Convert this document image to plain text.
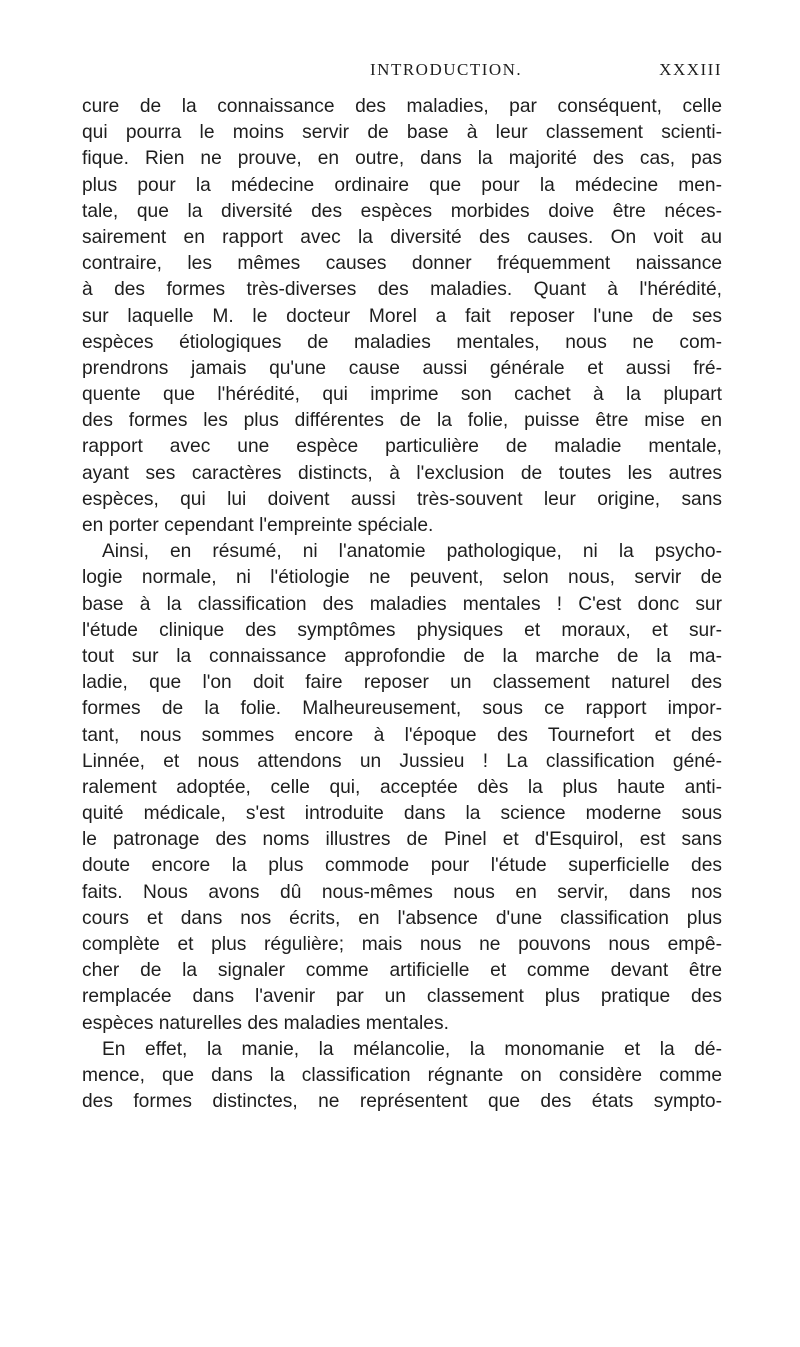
INTRODUCTION.	XXXIII
cure de la connaissance des maladies, par conséquent, celle
qui pourra le moins servir de base à leur classement scienti-
fique. Rien ne prouve, en outre, dans la majorité des cas, pas
plus pour la médecine ordinaire que pour la médecine men-
tale, que la diversité des espèces morbides doive être néces-
sairement en rapport avec la diversité des causes. On voit au
contraire, les mêmes causes donner fréquemment naissance
à des formes très-diverses des maladies. Quant à l'hérédité,
sur laquelle M. le docteur Morel a fait reposer l'une de ses
espèces étiologiques de maladies mentales, nous ne com-
prendrons jamais qu'une cause aussi générale et aussi fré-
quente que l'hérédité, qui imprime son cachet à la plupart
des formes les plus différentes de la folie, puisse être mise en
rapport avec une espèce particulière de maladie mentale,
ayant ses caractères distincts, à l'exclusion de toutes les autres
espèces, qui lui doivent aussi très-souvent leur origine, sans
en porter cependant l'empreinte spéciale.
Ainsi, en résumé, ni l'anatomie pathologique, ni la psycho-
logie normale, ni l'étiologie ne peuvent, selon nous, servir de
base à la classification des maladies mentales ! C'est donc sur
l'étude clinique des symptômes physiques et moraux, et sur-
tout sur la connaissance approfondie de la marche de la ma-
ladie, que l'on doit faire reposer un classement naturel des
formes de la folie. Malheureusement, sous ce rapport impor-
tant, nous sommes encore à l'époque des Tournefort et des
Linnée, et nous attendons un Jussieu ! La classification géné-
ralement adoptée, celle qui, acceptée dès la plus haute anti-
quité médicale, s'est introduite dans la science moderne sous
le patronage des noms illustres de Pinel et d'Esquirol, est sans
doute encore la plus commode pour l'étude superficielle des
faits. Nous avons dû nous-mêmes nous en servir, dans nos
cours et dans nos écrits, en l'absence d'une classification plus
complète et plus régulière; mais nous ne pouvons nous empê-
cher de la signaler comme artificielle et comme devant être
remplacée dans l'avenir par un classement plus pratique des
espèces naturelles des maladies mentales.
En effet, la manie, la mélancolie, la monomanie et la dé-
mence, que dans la classification régnante on considère comme
des formes distinctes, ne représentent que des états sympto-
